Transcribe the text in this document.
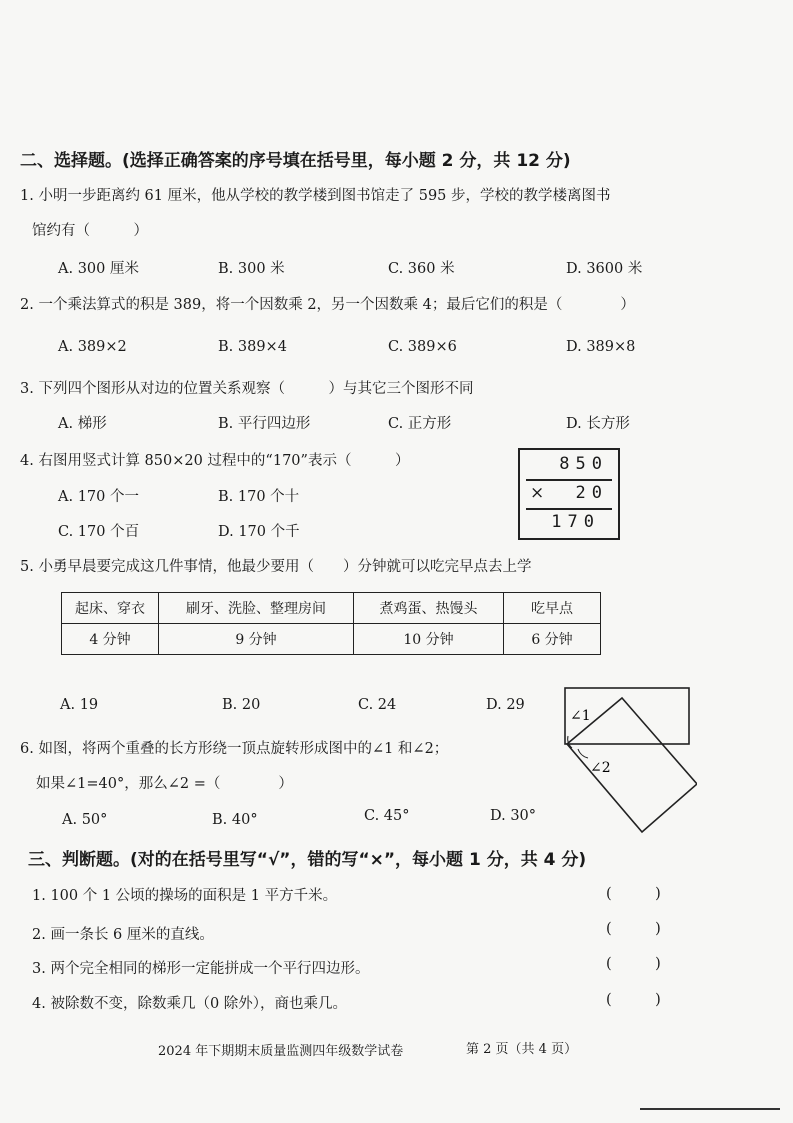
二、选择题。(选择正确答案的序号填在括号里，每小题 2 分，共 12 分)
1. 小明一步距离约 61 厘米，他从学校的教学楼到图书馆走了 595 步，学校的教学楼离图书
馆约有（　　　）
A. 300 厘米	B. 300 米	C. 360 米	D. 3600 米
2. 一个乘法算式的积是 389，将一个因数乘 2，另一个因数乘 4；最后它们的积是（　　　　）
A. 389×2	B. 389×4	C. 389×6	D. 389×8
3. 下列四个图形从对边的位置关系观察（　　　）与其它三个图形不同
A. 梯形	B. 平行四边形	C. 正方形	D. 长方形
4. 右图用竖式计算 850×20 过程中的“170”表示（　　　）
A. 170 个一	B. 170 个十
C. 170 个百	D. 170 个千
850
× 20
170
5. 小勇早晨要完成这几件事情，他最少要用（　　）分钟就可以吃完早点去上学
起床、穿衣	刷牙、洗脸、整理房间	煮鸡蛋、热馒头	吃早点
4 分钟	9 分钟	10 分钟	6 分钟
A. 19	B. 20	C. 24	D. 29
6. 如图，将两个重叠的长方形绕一顶点旋转形成图中的∠1 和∠2；
如果∠1=40°，那么∠2 =（　　　　）
A. 50°	B. 40°	C. 45°	D. 30°
∠1
∠2
三、判断题。(对的在括号里写“√”，错的写“×”，每小题 1 分，共 4 分)
1. 100 个 1 公顷的操场的面积是 1 平方千米。
2. 画一条长 6 厘米的直线。
3. 两个完全相同的梯形一定能拼成一个平行四边形。
4. 被除数不变，除数乘几（0 除外），商也乘几。
(　　　)
(　　　)
(　　　)
(　　　)
2024 年下期期末质量监测四年级数学试卷	第 2 页（共 4 页）
